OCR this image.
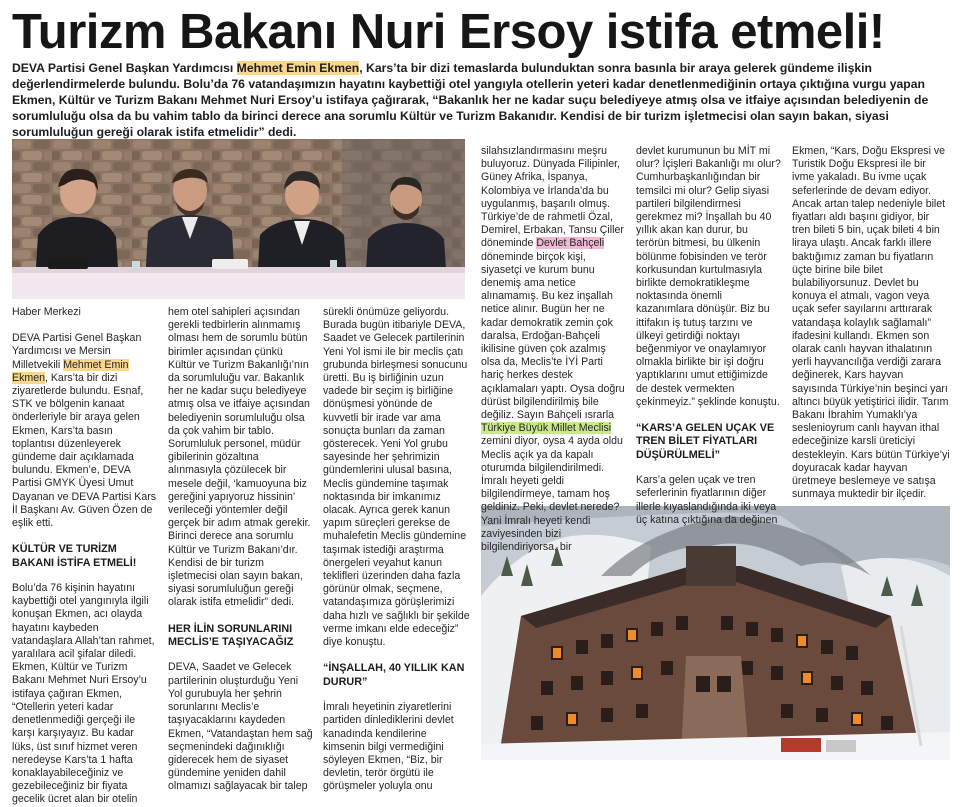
Turizm Bakanı Nuri Ersoy istifa etmeli!
DEVA Partisi Genel Başkan Yardımcısı Mehmet Emin Ekmen, Kars’ta bir dizi temaslarda bulunduktan sonra basınla bir araya gelerek gündeme ilişkin değerlendirmelerde bulundu. Bolu’da 76 vatandaşımızın hayatını kaybettiği otel yangıyla otellerin yeteri kadar denetlenmediğinin ortaya çıktığına vurgu yapan Ekmen, Kültür ve Turizm Bakanı Mehmet Nuri Ersoy’u istifaya çağırarak, “Bakanlık her ne kadar suçu belediyeye atmış olsa ve itfaiye açısından belediyenin de sorumluluğu olsa da bu vahim tablo da birinci derece ana sorumlu Kültür ve Turizm Bakanıdır. Kendisi de bir turizm işletmecisi olan sayın bakan, siyasi sorumluluğun gereği olarak istifa etmelidir” dedi.

Haber Merkezi

DEVA Partisi Genel Başkan Yardımcısı ve Mersin Milletvekili Mehmet Emin Ekmen, Kars’ta bir dizi ziyaretlerde bulundu. Esnaf, STK ve bölgenin kanaat önderleriyle bir araya gelen Ekmen, Kars’ta basın toplantısı düzenleyerek gündeme dair açıklamada bulundu. Ekmen’e, DEVA Partisi GMYK Üyesi Umut Dayanan ve DEVA Partisi Kars İl Başkanı Av. Güven Özen de eşlik etti.

KÜLTÜR VE TURİZM BAKANI İSTİFA ETMELİ!

Bolu’da 76 kişinin hayatını kaybettiği otel yangınıyla ilgili konuşan Ekmen, acı olayda hayatını kaybeden vatandaşlara Allah’tan rahmet, yaralılara acil şifalar diledi. Ekmen, Kültür ve Turizm Bakanı Mehmet Nuri Ersoy’u istifaya çağıran Ekmen, “Otellerin yeteri kadar denetlenmediği gerçeği ile karşı karşıyayız. Bu kadar lüks, üst sınıf hizmet veren neredeyse Kars’ta 1 hafta konaklayabileceğiniz ve gezebileceğiniz bir fiyata gecelik ücret alan bir otelin

hem otel sahipleri açısından gerekli tedbirlerin alınmamış olması hem de sorumlu bütün birimler açısından çünkü Kültür ve Turizm Bakanlığı’nın da sorumluluğu var. Bakanlık her ne kadar suçu belediyeye atmış olsa ve itfaiye açısından belediyenin sorumluluğu olsa da çok vahim bir tablo. Sorumluluk personel, müdür gibilerinin gözaltına alınmasıyla çözülecek bir mesele değil, ‘kamuoyuna biz gereğini yapıyoruz hissinin’ verileceği yöntemler değil gerçek bir adım atmak gerekir. Birinci derece ana sorumlu Kültür ve Turizm Bakanı’dır. Kendisi de bir turizm işletmecisi olan sayın bakan, siyasi sorumluluğun gereği olarak istifa etmelidir” dedi.

HER İLİN SORUNLARINI MECLİS’E TAŞIYACAĞIZ

DEVA, Saadet ve Gelecek partilerinin oluşturduğu Yeni Yol gurubuyla her şehrin sorunlarını Meclis’e taşıyacaklarını kaydeden Ekmen, “Vatandaştan hem sağ seçmenindeki dağınıklığı giderecek hem de siyaset gündemine yeniden dahil olmamızı sağlayacak bir talep

sürekli önümüze geliyordu. Burada bugün itibariyle DEVA, Saadet ve Gelecek partilerinin Yeni Yol ismi ile bir meclis çatı grubunda birleşmesi sonucunu üretti. Bu iş birliğinin uzun vadede bir seçim iş birliğine dönüşmesi yönünde de kuvvetli bir irade var ama sonuçta bunları da zaman gösterecek. Yeni Yol grubu sayesinde her şehrimizin gündemlerini ulusal basına, Meclis gündemine taşımak noktasında bir imkanımız olacak. Ayrıca gerek kanun yapım süreçleri gerekse de muhalefetin Meclis gündemine taşımak istediği araştırma önergeleri veyahut kanun teklifleri üzerinden daha fazla görünür olmak, seçmene, vatandaşımıza görüşlerimizi daha hızlı ve sağlıklı bir şekilde verme imkanı elde edeceğiz” diye konuştu.

“İNŞALLAH, 40 YILLIK KAN DURUR”

İmralı heyetinin ziyaretlerini partiden dinlediklerini devlet kanadında kendilerine kimsenin bilgi vermediğini söyleyen Ekmen, “Biz, bir devletin, terör örgütü ile görüşmeler yoluyla onu

silahsızlandırmasını meşru buluyoruz. Dünyada Filipinler, Güney Afrika, İspanya, Kolombiya ve İrlanda’da bu uygulanmış, başarılı olmuş. Türkiye’de de rahmetli Özal, Demirel, Erbakan, Tansu Çiller döneminde Devlet Bahçeli döneminde birçok kişi, siyasetçi ve kurum bunu denemiş ama netice alınamamış. Bu kez inşallah netice alınır. Bugün her ne kadar demokratik zemin çok daralsa, Erdoğan-Bahçeli ikilisine güven çok azalmış olsa da, Meclis’te İYİ Parti hariç herkes destek açıklamaları yaptı. Oysa doğru dürüst bilgilendirilmiş bile değiliz. Sayın Bahçeli ısrarla Türkiye Büyük Millet Meclisi zemini diyor, oysa 4 ayda oldu Meclis açık ya da kapalı oturumda bilgilendirilmedi. İmralı heyeti geldi bilgilendirmeye, tamam hoş geldiniz. Peki, devlet nerede? Yani İmralı heyeti kendi zaviyesinden bizi bilgilendiriyorsa, bir

devlet kurumunun bu MİT mi olur? İçişleri Bakanlığı mı olur? Cumhurbaşkanlığından bir temsilci mi olur? Gelip siyasi partileri bilgilendirmesi gerekmez mi? İnşallah bu 40 yıllık akan kan durur, bu terörün bitmesi, bu ülkenin bölünme fobisinden ve terör korkusundan kurtulmasıyla birlikte demokratikleşme noktasında önemli kazanımlara dönüşür. Biz bu ittifakın iş tutuş tarzını ve ülkeyi getirdiği noktayı beğenmiyor ve onaylamıyor olmakla birlikte bir işi doğru yaptıklarını umut ettiğimizde de destek vermekten çekinmeyiz.” şeklinde konuştu.

“KARS’A GELEN UÇAK VE TREN BİLET FİYATLARI DÜŞÜRÜLMELİ”

Kars’a gelen uçak ve tren seferlerinin fiyatlarının diğer illerle kıyaslandığında iki veya üç katına çıktığına da değinen

Ekmen, “Kars, Doğu Ekspresi ve Turistik Doğu Ekspresi ile bir ivme yakaladı. Bu ivme uçak seferlerinde de devam ediyor. Ancak artan talep nedeniyle bilet fiyatları aldı başını gidiyor, bir tren bileti 5 bin, uçak bileti 4 bin liraya ulaştı. Ancak farklı illere baktığımız zaman bu fiyatların üçte birine bile bilet bulabiliyorsunuz. Devlet bu konuya el atmalı, vagon veya uçak sefer sayılarını arttırarak vatandaşa kolaylık sağlamalı” ifadesini kullandı. Ekmen son olarak canlı hayvan ithalatının yerli hayvancılığa verdiği zarara değinerek, Kars hayvan sayısında Türkiye’nin beşinci yarı altıncı büyük yetiştirici ilidir. Tarım Bakanı İbrahim Yumaklı’ya seslenioyrum canlı hayvan ithal edeceğinize karsli üreticiyi destekleyin. Kars bütün Türkiye’yi doyuracak kadar hayvan üretmeye beslemeye ve satışa sunmaya muktedir bir ilçedir.
